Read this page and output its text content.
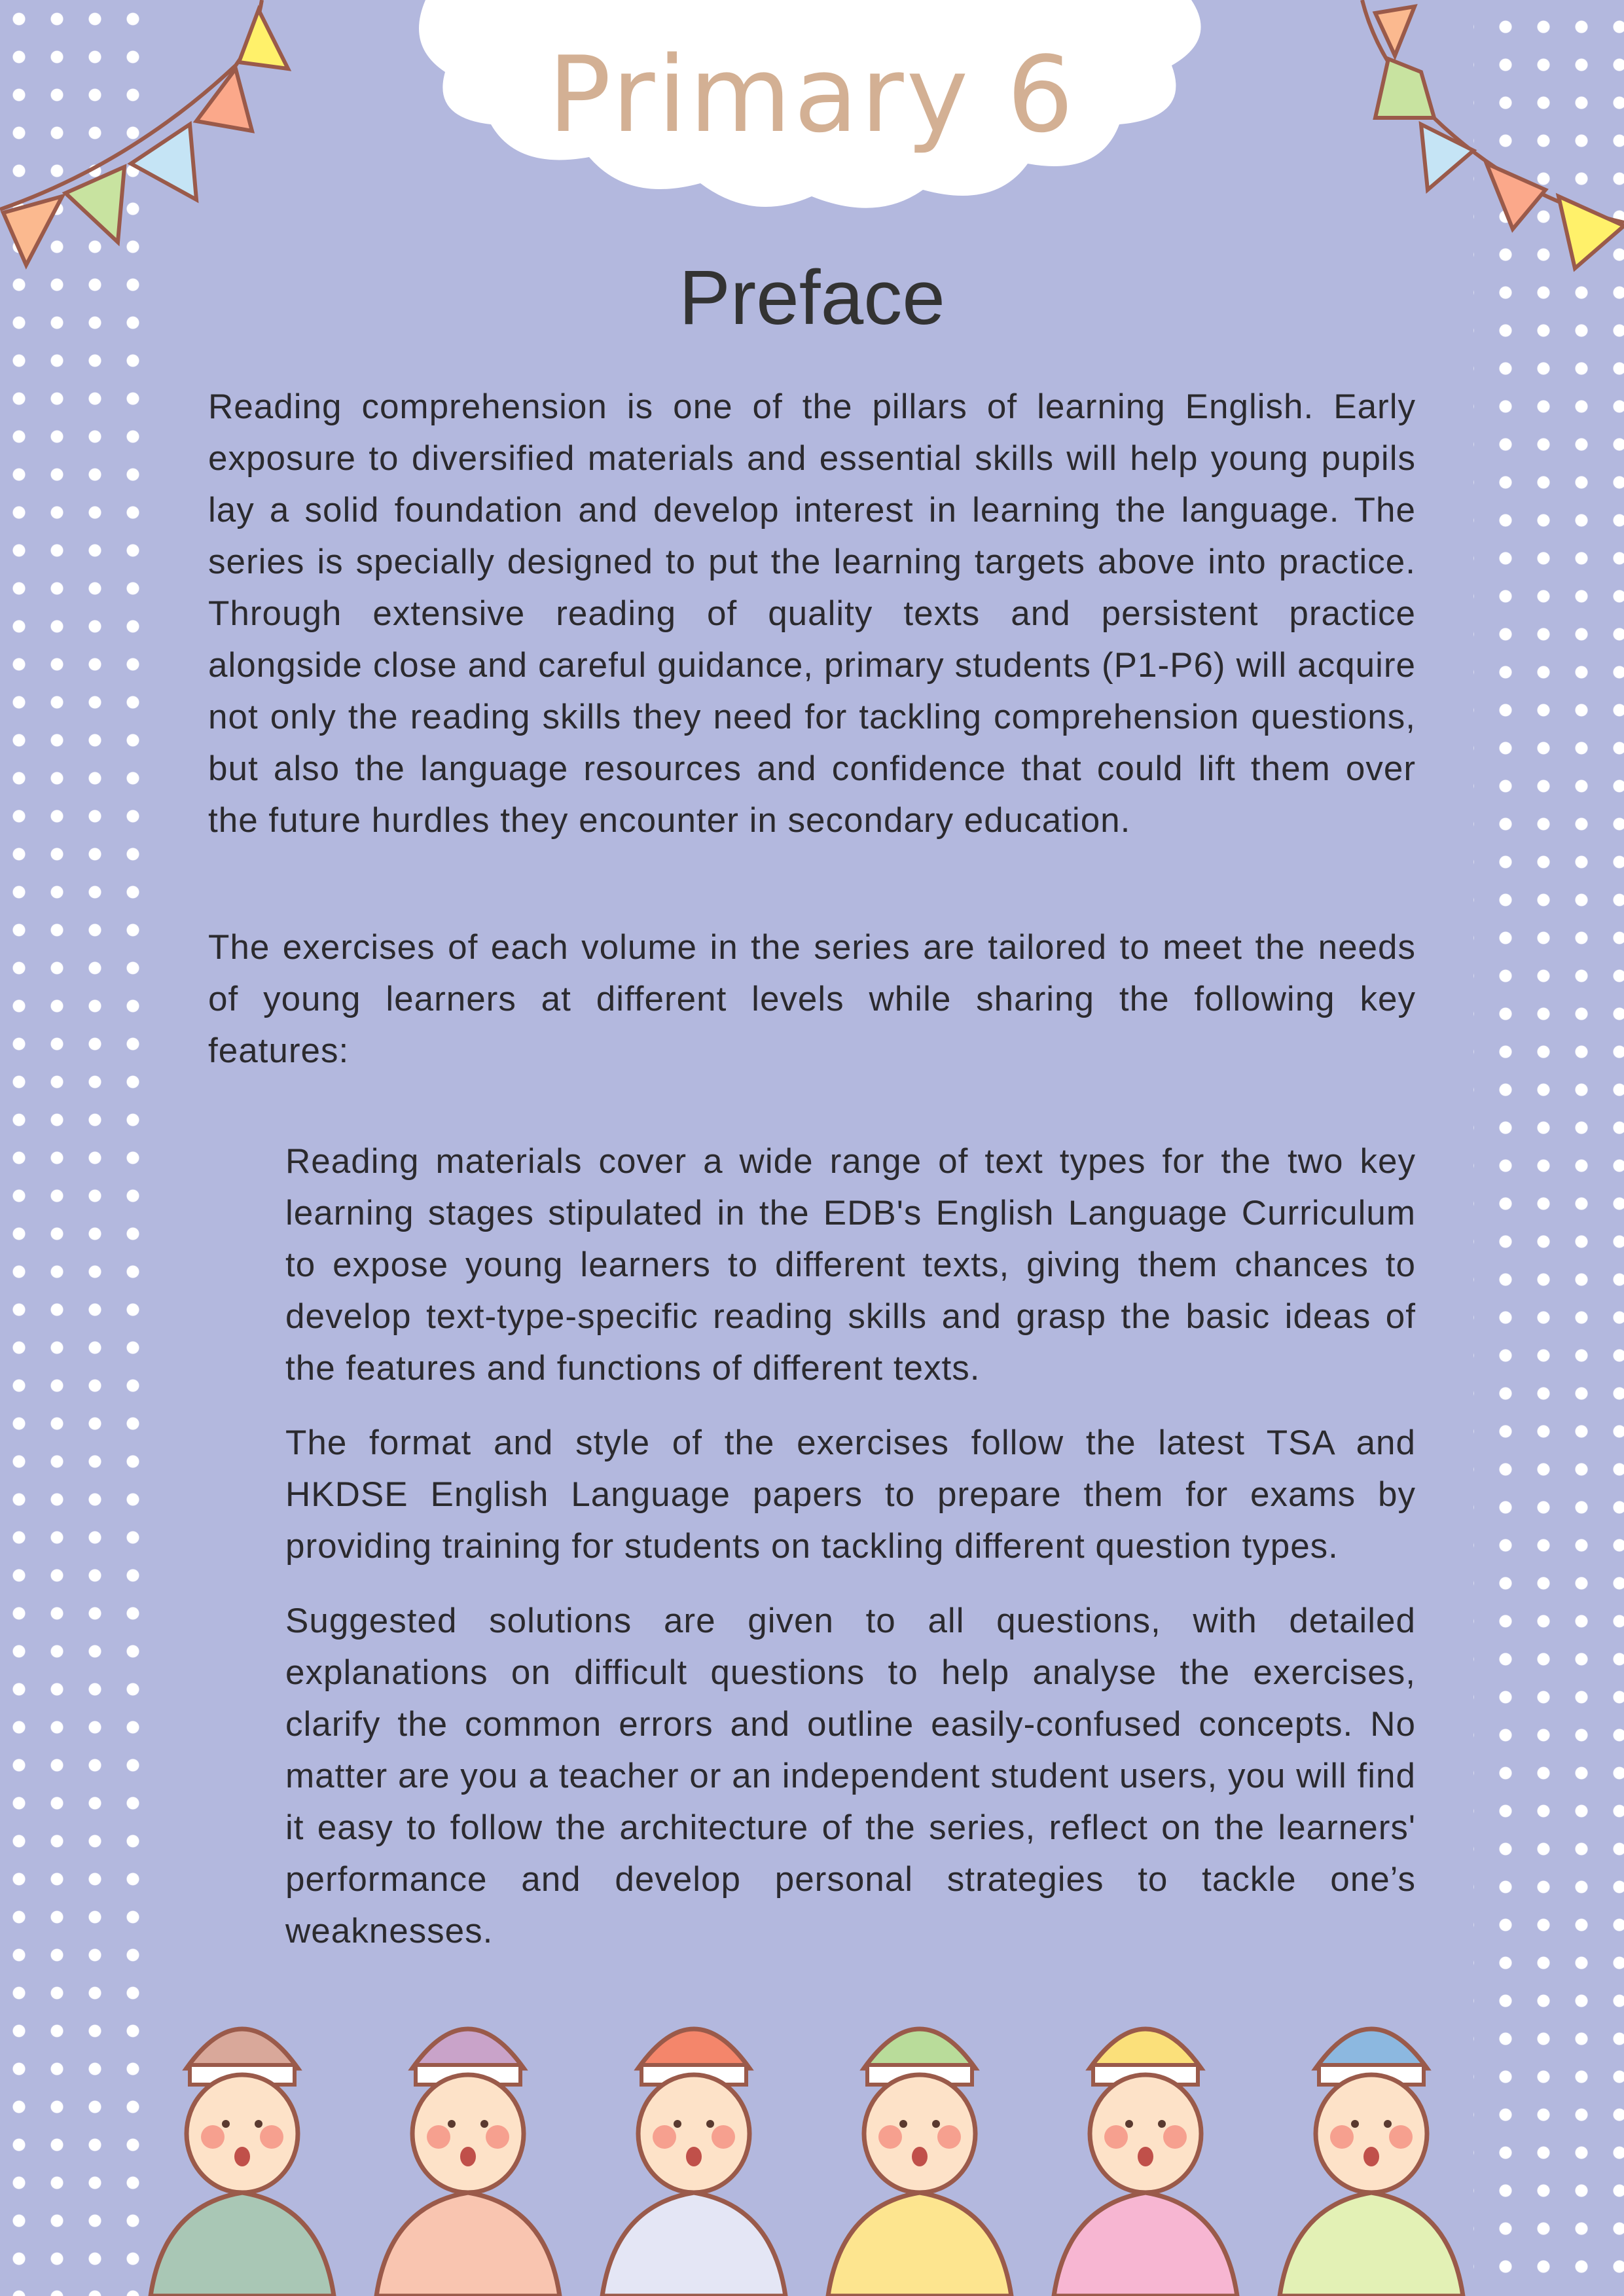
Primary 6
Preface

Reading comprehension is one of the pillars of learning English. Early exposure to diversified materials and essential skills will help young pupils lay a solid foundation and develop interest in learning the language. The series is specially designed to put the learning targets above into practice. Through extensive reading of quality texts and persistent practice alongside close and careful guidance, primary students (P1-P6) will acquire not only the reading skills they need for tackling comprehension questions, but also the language resources and confidence that could lift them over the future hurdles they encounter in secondary education.

The exercises of each volume in the series are tailored to meet the needs of young learners at different levels while sharing the following key features:

Reading materials cover a wide range of text types for the two key learning stages stipulated in the EDB's English Language Curriculum to expose young learners to different texts, giving them chances to develop text-type-specific reading skills and grasp the basic ideas of the features and functions of different texts.

The format and style of the exercises follow the latest TSA and HKDSE English Language papers to prepare them for exams by providing training for students on tackling different question types.

Suggested solutions are given to all questions, with detailed explanations on difficult questions to help analyse the exercises, clarify the common errors and outline easily-confused concepts. No matter are you a teacher or an independent student users, you will find it easy to follow the architecture of the series, reflect on the learners' performance and develop personal strategies to tackle one’s weaknesses.
